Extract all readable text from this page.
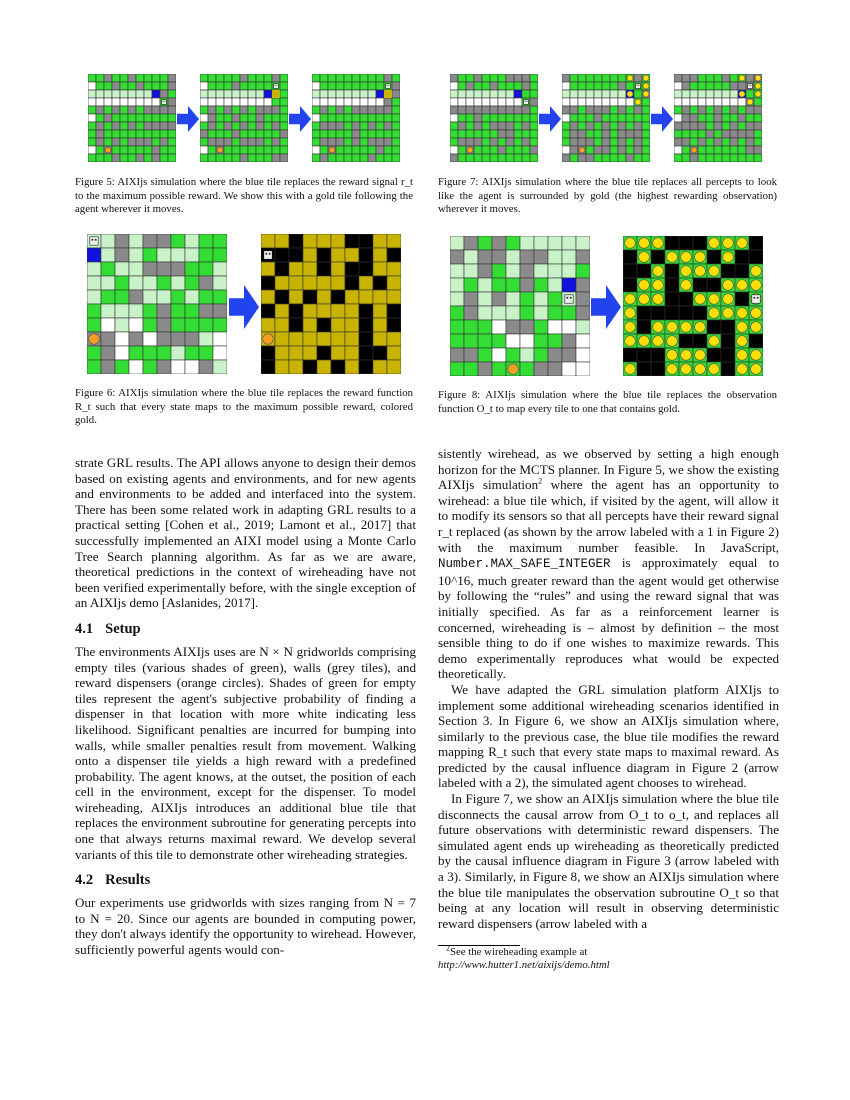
Figure 5: AIXIjs simulation where the blue tile replaces the reward signal r_t to the maximum possible reward. We show this with a gold tile following the agent wherever it moves.
Figure 7: AIXIjs simulation where the blue tile replaces all percepts to look like the agent is surrounded by gold (the highest rewarding observation) wherever it moves.
Figure 6: AIXIjs simulation where the blue tile replaces the reward function R_t such that every state maps to the maximum possible reward, colored gold.
Figure 8: AIXIjs simulation where the blue tile replaces the observation function O_t to map every tile to one that contains gold.

strate GRL results. The API allows anyone to design their demos based on existing agents and environments, and for new agents and environments to be added and interfaced into the system. There has been some related work in adapting GRL results to a practical setting [Cohen et al., 2019; Lamont et al., 2017] that successfully implemented an AIXI model using a Monte Carlo Tree Search planning algorithm. As far as we are aware, theoretical predictions in the context of wireheading have not been verified experimentally before, with the single exception of an AIXIjs demo [Aslanides, 2017].

4.1 Setup

The environments AIXIjs uses are N × N gridworlds comprising empty tiles (various shades of green), walls (grey tiles), and reward dispensers (orange circles). Shades of green for empty tiles represent the agent's subjective probability of finding a dispenser in that location with more white indicating less likelihood. Significant penalties are incurred for bumping into walls, while smaller penalties result from movement. Walking onto a dispenser tile yields a high reward with a predefined probability. The agent knows, at the outset, the position of each cell in the environment, except for the dispenser. To model wireheading, AIXIjs introduces an additional blue tile that replaces the environment subroutine for generating percepts into one that always returns maximal reward. We develop several variants of this tile to demonstrate other wireheading strategies.

4.2 Results

Our experiments use gridworlds with sizes ranging from N = 7 to N = 20. Since our agents are bounded in computing power, they don't always identify the opportunity to wirehead. However, sufficiently powerful agents would con-

sistently wirehead, as we observed by setting a high enough horizon for the MCTS planner. In Figure 5, we show the existing AIXIjs simulation$^2$ where the agent has an opportunity to wirehead: a blue tile which, if visited by the agent, will allow it to modify its sensors so that all percepts have their reward signal r_t replaced (as shown by the arrow labeled with a 1 in Figure 2) with the maximum number feasible. In JavaScript, Number.MAX_SAFE_INTEGER is approximately equal to 10^16, much greater reward than the agent would get otherwise by following the “rules” and using the reward signal that was initially specified. As far as a reinforcement learner is concerned, wireheading is – almost by definition – the most sensible thing to do if one wishes to maximize rewards. This demo experimentally reproduces what would be expected theoretically.

We have adapted the GRL simulation platform AIXIjs to implement some additional wireheading scenarios identified in Section 3. In Figure 6, we show an AIXIjs simulation where, similarly to the previous case, the blue tile modifies the reward mapping R_t such that every state maps to maximal reward. As predicted by the causal influence diagram in Figure 2 (arrow labeled with a 2), the simulated agent chooses to wirehead.

In Figure 7, we show an AIXIjs simulation where the blue tile disconnects the causal arrow from O_t to o_t, and replaces all future observations with deterministic reward dispensers. The simulated agent ends up wireheading as theoretically predicted by the causal influence diagram in Figure 3 (arrow labeled with a 3). Similarly, in Figure 8, we show an AIXIjs simulation where the blue tile manipulates the observation subroutine O_t so that being at any location will result in observing deterministic reward dispensers (arrow labeled with a

$^2$See the wireheading example at
http://www.hutter1.net/aixijs/demo.html
